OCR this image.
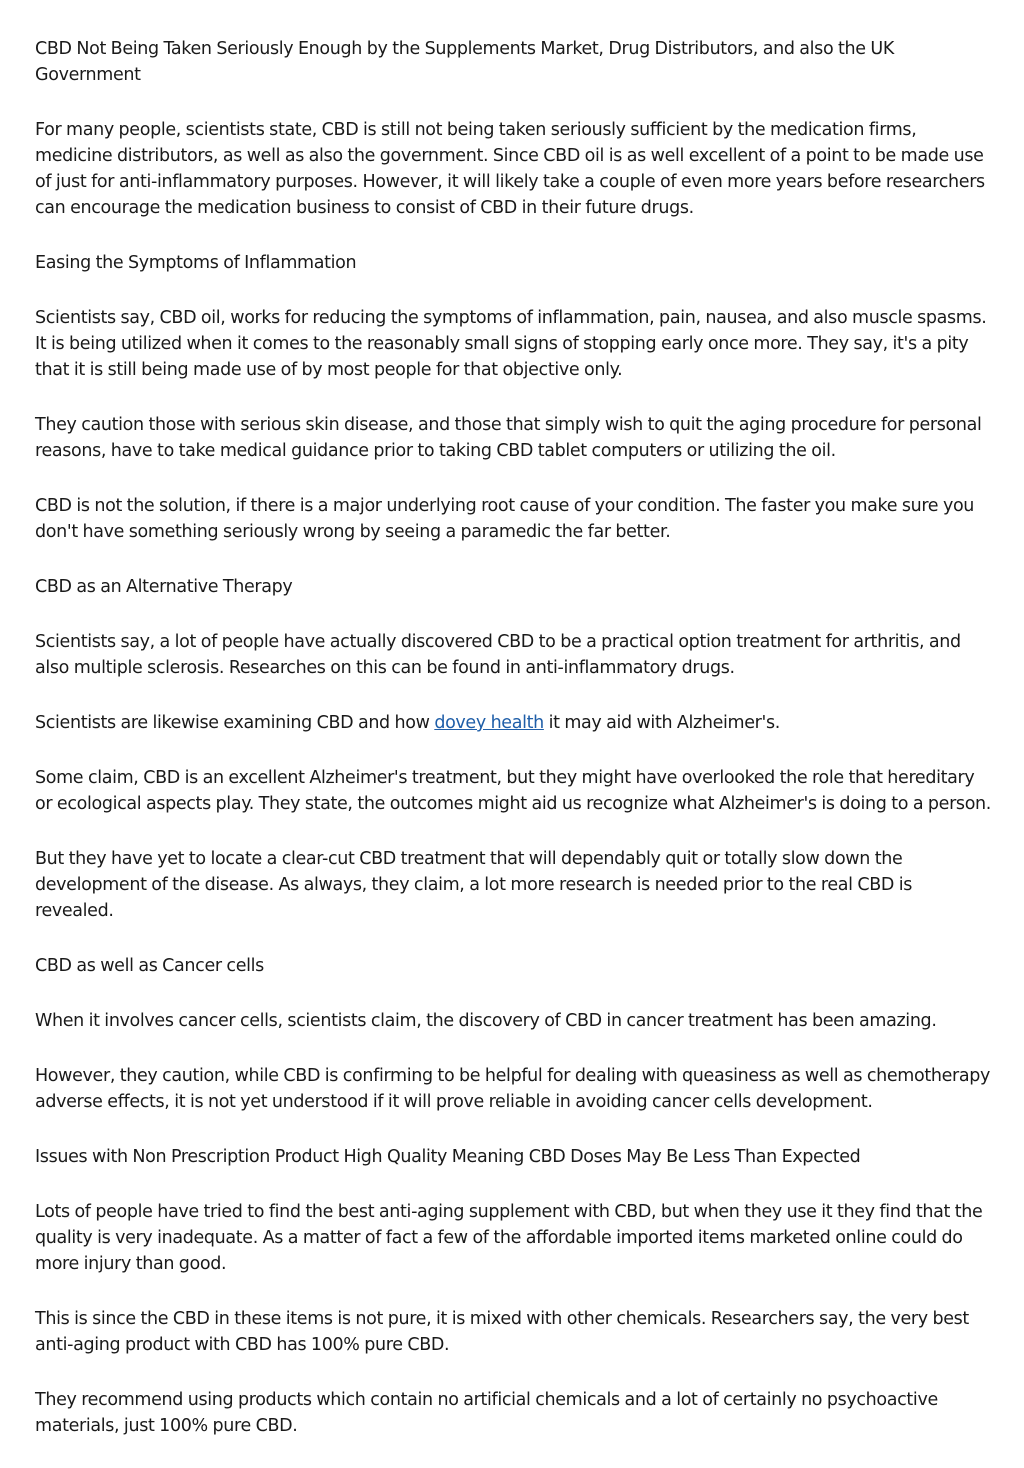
CBD Not Being Taken Seriously Enough by the Supplements Market, Drug Distributors, and also the UK Government

For many people, scientists state, CBD is still not being taken seriously sufficient by the medication firms, medicine distributors, as well as also the government. Since CBD oil is as well excellent of a point to be made use of just for anti-inflammatory purposes. However, it will likely take a couple of even more years before researchers can encourage the medication business to consist of CBD in their future drugs.

Easing the Symptoms of Inflammation

Scientists say, CBD oil, works for reducing the symptoms of inflammation, pain, nausea, and also muscle spasms. It is being utilized when it comes to the reasonably small signs of stopping early once more. They say, it's a pity that it is still being made use of by most people for that objective only.

They caution those with serious skin disease, and those that simply wish to quit the aging procedure for personal reasons, have to take medical guidance prior to taking CBD tablet computers or utilizing the oil.

CBD is not the solution, if there is a major underlying root cause of your condition. The faster you make sure you don't have something seriously wrong by seeing a paramedic the far better.

CBD as an Alternative Therapy

Scientists say, a lot of people have actually discovered CBD to be a practical option treatment for arthritis, and also multiple sclerosis. Researches on this can be found in anti-inflammatory drugs.

Scientists are likewise examining CBD and how dovey health it may aid with Alzheimer's.

Some claim, CBD is an excellent Alzheimer's treatment, but they might have overlooked the role that hereditary or ecological aspects play. They state, the outcomes might aid us recognize what Alzheimer's is doing to a person.

But they have yet to locate a clear-cut CBD treatment that will dependably quit or totally slow down the development of the disease. As always, they claim, a lot more research is needed prior to the real CBD is revealed.

CBD as well as Cancer cells

When it involves cancer cells, scientists claim, the discovery of CBD in cancer treatment has been amazing.

However, they caution, while CBD is confirming to be helpful for dealing with queasiness as well as chemotherapy adverse effects, it is not yet understood if it will prove reliable in avoiding cancer cells development.

Issues with Non Prescription Product High Quality Meaning CBD Doses May Be Less Than Expected

Lots of people have tried to find the best anti-aging supplement with CBD, but when they use it they find that the quality is very inadequate. As a matter of fact a few of the affordable imported items marketed online could do more injury than good.

This is since the CBD in these items is not pure, it is mixed with other chemicals. Researchers say, the very best anti-aging product with CBD has 100% pure CBD.

They recommend using products which contain no artificial chemicals and a lot of certainly no psychoactive materials, just 100% pure CBD.
